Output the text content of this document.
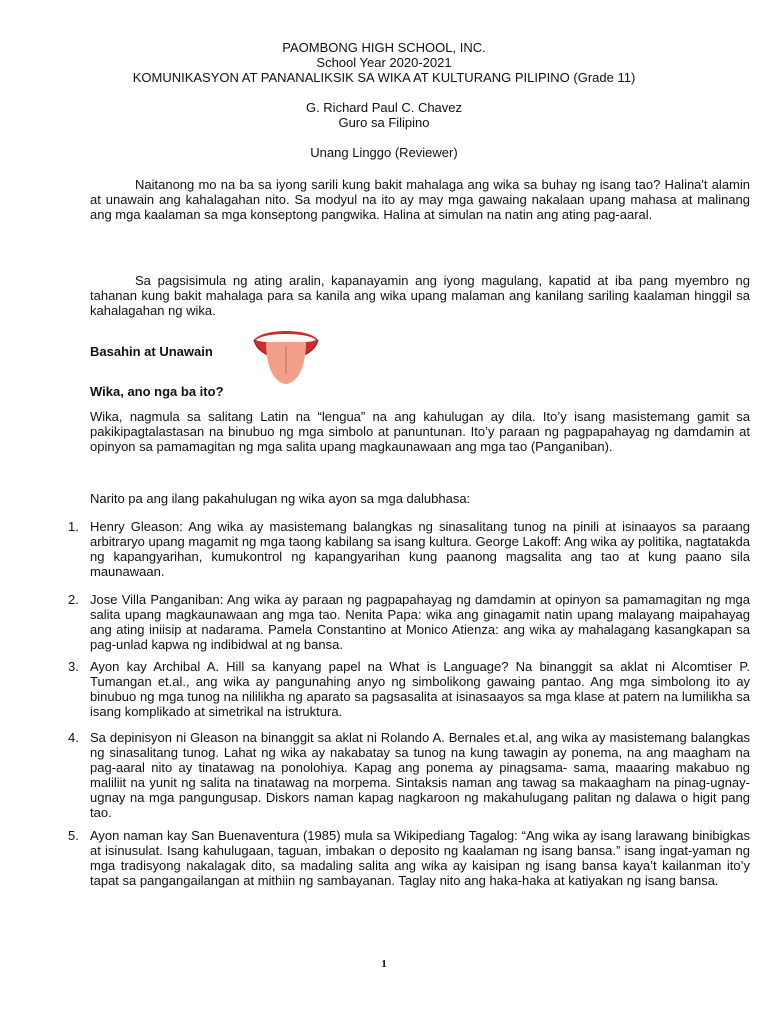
PAOMBONG HIGH SCHOOL, INC.

School Year 2020-2021

KOMUNIKASYON AT PANANALIKSIK SA WIKA AT KULTURANG PILIPINO (Grade 11)

G. Richard Paul C. Chavez

Guro sa Filipino

Unang Linggo (Reviewer)

Naitanong mo na ba sa iyong sarili kung bakit mahalaga ang wika sa buhay ng isang tao? Halina't alamin at unawain ang kahalagahan nito. Sa modyul na ito ay may mga gawaing nakalaan upang mahasa at malinang ang mga kaalaman sa mga konseptong pangwika. Halina at simulan na natin ang ating pag-aaral.

Sa pagsisimula ng ating aralin, kapanayamin ang iyong magulang, kapatid at iba pang myembro ng tahanan kung bakit mahalaga para sa kanila ang wika upang malaman ang kanilang sariling kaalaman hinggil sa kahalagahan ng wika.

Basahin at Unawain

Wika, ano nga ba ito?

Wika, nagmula sa salitang Latin na “lengua” na ang kahulugan ay dila. Ito’y isang masistemang gamit sa pakikipagtalastasan na binubuo ng mga simbolo at panuntunan. Ito’y paraan ng pagpapahayag ng damdamin at opinyon sa pamamagitan ng mga salita upang magkaunawaan ang mga tao (Panganiban).

Narito pa ang ilang pakahulugan ng wika ayon sa mga dalubhasa:

1. Henry Gleason: Ang wika ay masistemang balangkas ng sinasalitang tunog na pinili at isinaayos sa paraang arbitraryo upang magamit ng mga taong kabilang sa isang kultura. George Lakoff: Ang wika ay politika, nagtatakda ng kapangyarihan, kumukontrol ng kapangyarihan kung paanong magsalita ang tao at kung paano sila maunawaan.
2. Jose Villa Panganiban: Ang wika ay paraan ng pagpapahayag ng damdamin at opinyon sa pamamagitan ng mga salita upang magkaunawaan ang mga tao. Nenita Papa: wika ang ginagamit natin upang malayang maipahayag ang ating iniisip at nadarama. Pamela Constantino at Monico Atienza: ang wika ay mahalagang kasangkapan sa pag-unlad kapwa ng indibidwal at ng bansa.
3. Ayon kay Archibal A. Hill sa kanyang papel na What is Language? Na binanggit sa aklat ni Alcomtiser P. Tumangan et.al., ang wika ay pangunahing anyo ng simbolikong gawaing pantao. Ang mga simbolong ito ay binubuo ng mga tunog na nililikha ng aparato sa pagsasalita at isinasaayos sa mga klase at patern na lumilikha sa isang komplikado at simetrikal na istruktura.
4. Sa depinisyon ni Gleason na binanggit sa aklat ni Rolando A. Bernales et.al, ang wika ay masistemang balangkas ng sinasalitang tunog. Lahat ng wika ay nakabatay sa tunog na kung tawagin ay ponema, na ang maagham na pag-aaral nito ay tinatawag na ponolohiya. Kapag ang ponema ay pinagsama- sama, maaaring makabuo ng maliliit na yunit ng salita na tinatawag na morpema. Sintaksis naman ang tawag sa makaagham na pinag-ugnay-ugnay na mga pangungusap. Diskors naman kapag nagkaroon ng makahulugang palitan ng dalawa o higit pang tao.
5. Ayon naman kay San Buenaventura (1985) mula sa Wikipediang Tagalog: “Ang wika ay isang larawang binibigkas at isinusulat. Isang kahulugaan, taguan, imbakan o deposito ng kaalaman ng isang bansa.” isang ingat-yaman ng mga tradisyong nakalagak dito, sa madaling salita ang wika ay kaisipan ng isang bansa kaya’t kailanman ito’y tapat sa pangangailangan at mithiin ng sambayanan. Taglay nito ang haka-haka at katiyakan ng isang bansa.
1
